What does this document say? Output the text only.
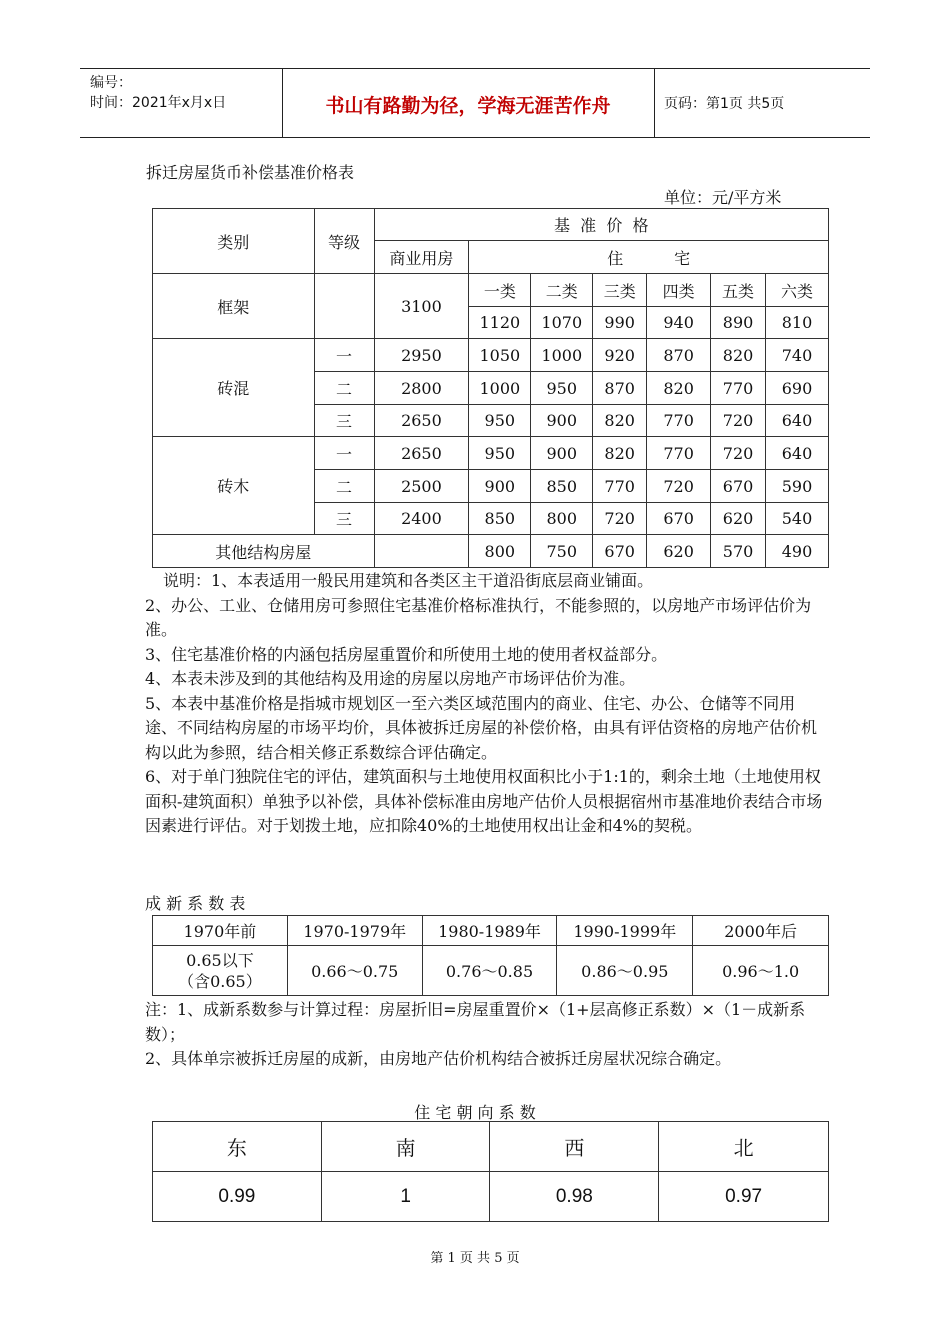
编号：
时间：2021年x月x日	书山有路勤为径，学海无涯苦作舟	页码：第1页 共5页
拆迁房屋货币补偿基准价格表
单位：元/平方米
类别	等级	基  准  价  格						
		商业用房	住          宅					
框架		3100	一类	二类	三类	四类	五类	六类
			1120	1070	990	940	890	810
砖混	一	2950	1050	1000	920	870	820	740
	二	2800	1000	950	870	820	770	690
	三	2650	950	900	820	770	720	640
砖木	一	2650	950	900	820	770	720	640
	二	2500	900	850	770	720	670	590
	三	2400	850	800	720	670	620	540
其他结构房屋			800	750	670	620	570	490
说明：1、本表适用一般民用建筑和各类区主干道沿街底层商业铺面。
2、办公、工业、仓储用房可参照住宅基准价格标准执行，不能参照的，以房地产市场评估价为准。
3、住宅基准价格的内涵包括房屋重置价和所使用土地的使用者权益部分。
4、本表未涉及到的其他结构及用途的房屋以房地产市场评估价为准。
5、本表中基准价格是指城市规划区一至六类区域范围内的商业、住宅、办公、仓储等不同用途、不同结构房屋的市场平均价，具体被拆迁房屋的补偿价格，由具有评估资格的房地产估价机构以此为参照，结合相关修正系数综合评估确定。
6、对于单门独院住宅的评估，建筑面积与土地使用权面积比小于1:1的，剩余土地（土地使用权面积-建筑面积）单独予以补偿，具体补偿标准由房地产估价人员根据宿州市基准地价表结合市场因素进行评估。对于划拨土地，应扣除40%的土地使用权出让金和4%的契税。
成 新 系 数 表
1970年前	1970-1979年	1980-1989年	1990-1999年	2000年后

0.65以下
（含0.65）	0.66～0.75	0.76～0.85	0.86～0.95	0.96～1.0
注：1、成新系数参与计算过程：房屋折旧=房屋重置价×（1+层高修正系数）×（1－成新系数）；
2、具体单宗被拆迁房屋的成新，由房地产估价机构结合被拆迁房屋状况综合确定。
住 宅 朝 向 系 数
东	南	西	北
0.99	1	0.98	0.97
第 1 页 共 5 页
